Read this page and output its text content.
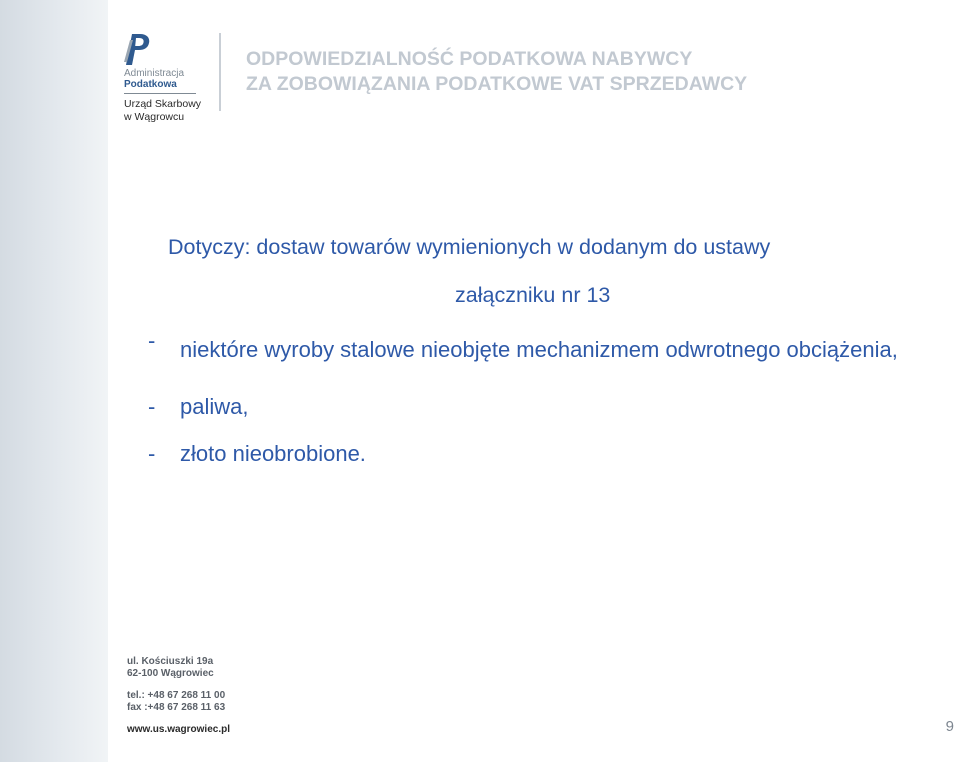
Administracja
Podatkowa
Urząd Skarbowy
w Wągrowcu
ODPOWIEDZIALNOŚĆ PODATKOWA NABYWCY
ZA ZOBOWIĄZANIA PODATKOWE VAT SPRZEDAWCY
Dotyczy: dostaw towarów wymienionych w dodanym do ustawy
załączniku nr 13
-	niektóre wyroby stalowe nieobjęte mechanizmem odwrotnego obciążenia,
-	paliwa,
-	złoto nieobrobione.
ul. Kościuszki 19a
62-100 Wągrowiec
tel.: +48 67 268 11 00
fax :+48 67 268 11 63
www.us.wagrowiec.pl	9
